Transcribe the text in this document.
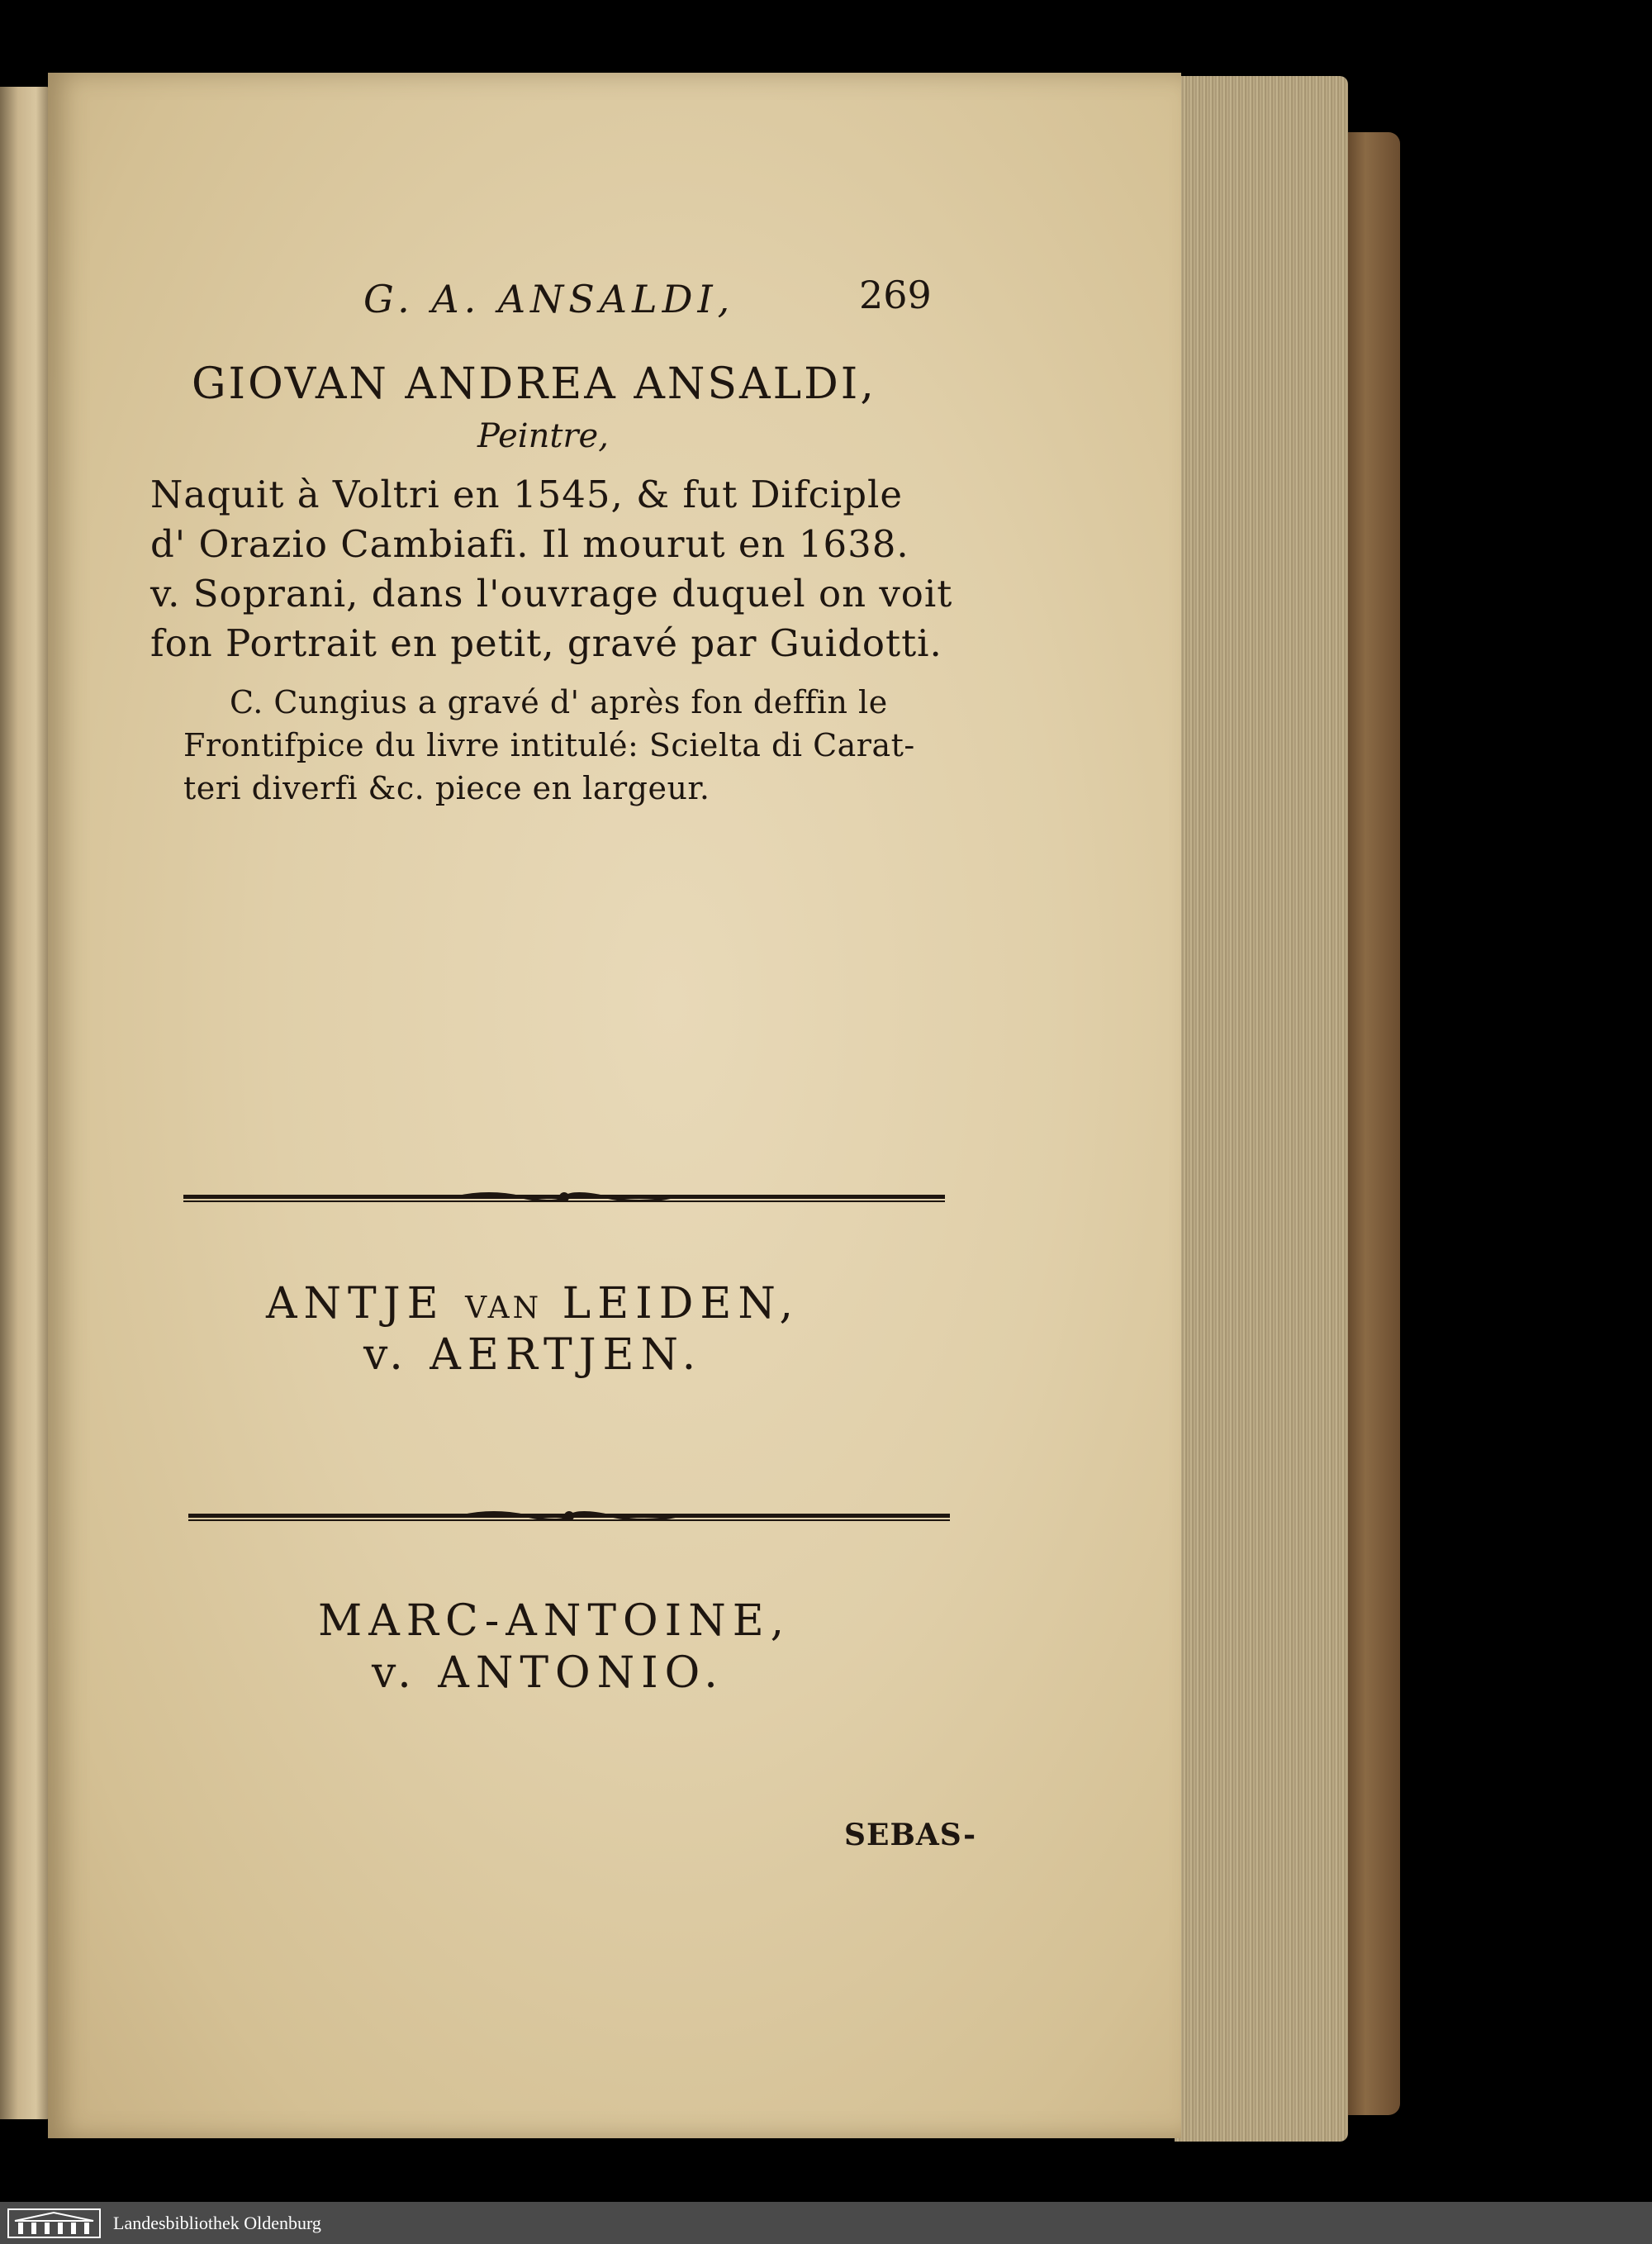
G. A. ANSALDI,	269
GIOVAN ANDREA ANSALDI,
Peintre,
Naquit à Voltri en 1545, & fut Difciple
d' Orazio Cambiafi. Il mourut en 1638.
v. Soprani, dans l'ouvrage duquel on voit
fon Portrait en petit, gravé par Guidotti.
C. Cungius a gravé d' après fon deffin le
Frontifpice du livre intitulé: Scielta di Carat-
teri diverfi &c. piece en largeur.
ANTJE VAN LEIDEN,
v. AERTJEN.
MARC-ANTOINE,
v. ANTONIO.
SEBAS-
Landesbibliothek Oldenburg
